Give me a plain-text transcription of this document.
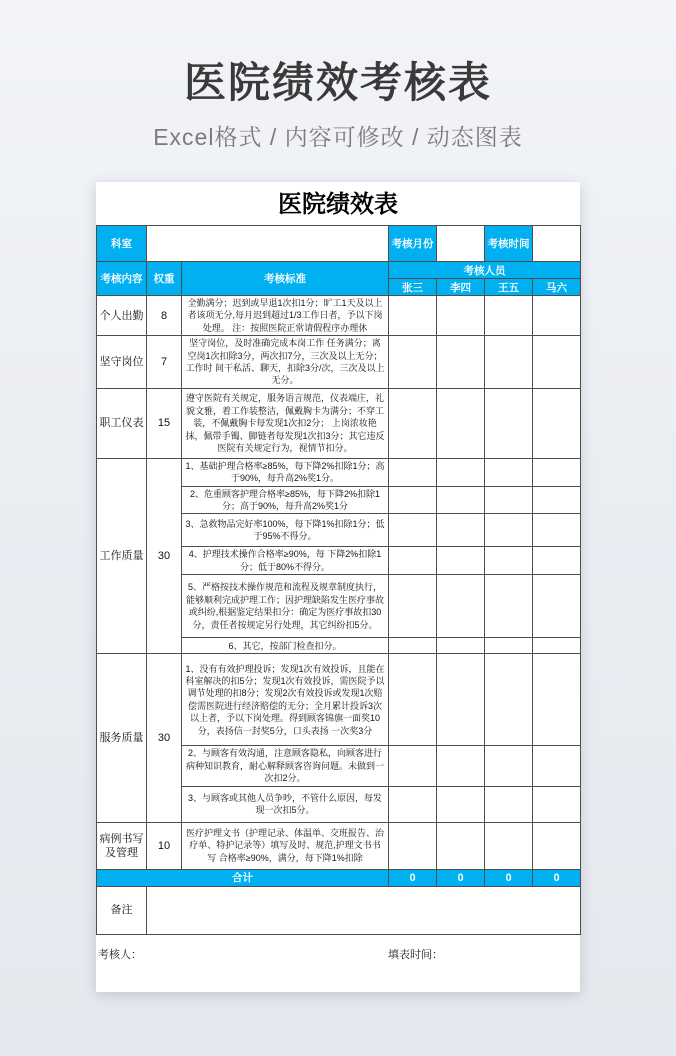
医院绩效考核表
Excel格式 / 内容可修改 / 动态图表
医院绩效表
科室			考核月份		考核时间	
考核内容	权重	考核标准	考核人员			
			张三	李四	王五	马六
个人出勤	8	全勤满分；迟到或早退1次扣1分；旷工1天及以上者该项无分,每月迟到超过1/3工作日者，予以下岗处理。 注：按照医院正常请假程序办理休				
坚守岗位	7	坚守岗位，及时准确完成本岗工作 任务满分；离空岗1次扣除3分，两次扣7分，三次及以上无分；工作时 间干私活、聊天，扣除3分/次，三次及以上无分。				
职工仪表	15	遵守医院有关规定，服务语言规范，仪表端庄，礼貌文雅，着工作装整洁，佩戴胸卡为满分；不穿工装，不佩戴胸卡每发现1次扣2分； 上岗浓妆艳抹，佩带手镯、脚链者每发现1次扣3分；其它违反医院有关规定行为，视情节扣分。				
工作质量	30	1、基础护理合格率≥85%，每下降2%扣除1分；高于90%，每升高2%奖1分。				
		2、危重顾客护理合格率≥85%，每下降2%扣除1分；高于90%，每升高2%奖1分				
		3、急救物品完好率100%，每下降1%扣除1分；低于95%不得分。				
		4、护理技术操作合格率≥90%，每 下降2%扣除1分；低于80%不得分。				
		5、严格按技术操作规范和流程及规章制度执行，能够顺利完成护理工作；因护理缺陷发生医疗事故或纠纷,根据鉴定结果扣分：确定为医疗事故扣30分，责任者按规定另行处理，其它纠纷扣5分。				
		6、其它，按部门检查扣分。				
服务质量	30	1、没有有效护理投诉；发现1次有效投诉，且能在科室解决的扣5分；发现1次有效投诉，需医院予以调节处理的扣8分；发现2次有效投诉或发现1次赔偿需医院进行经济赔偿的无分；全月累计投诉3次以上者，予以下岗处理。得到顾客锦旗一面奖10分，表扬信一封奖5分，口头表扬 一次奖3分				
		2、与顾客有效沟通，注意顾客隐私，向顾客进行病种知识教育，耐心解释顾客咨询问题。未做到一次扣2分。				
		3、与顾客或其他人员争吵，不管什么原因，每发现一次扣5分。				
病例书写及管理	10	医疗护理文书（护理记录、体温单、交班报告、治疗单、特护记录等）填写及时、规范,护理文书书写 合格率≥90%，满分，每下降1%扣除				
合计			0	0	0	0
备注						
考核人：	填表时间：
